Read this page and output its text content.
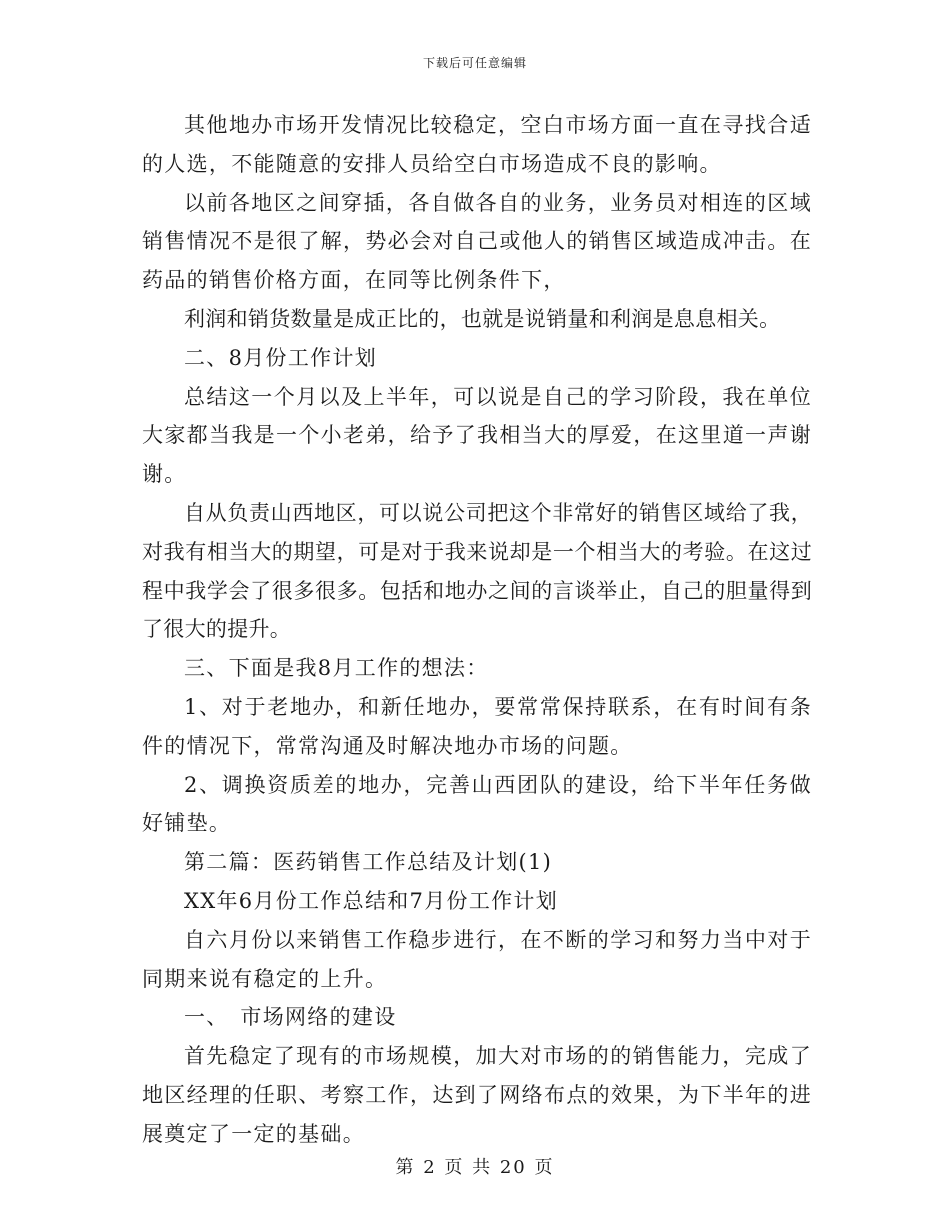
下载后可任意编辑

其他地办市场开发情况比较稳定，空白市场方面一直在寻找合适的人选，不能随意的安排人员给空白市场造成不良的影响。

以前各地区之间穿插，各自做各自的业务，业务员对相连的区域销售情况不是很了解，势必会对自己或他人的销售区域造成冲击。在药品的销售价格方面，在同等比例条件下，

利润和销货数量是成正比的，也就是说销量和利润是息息相关。

二、8月份工作计划

总结这一个月以及上半年，可以说是自己的学习阶段，我在单位大家都当我是一个小老弟，给予了我相当大的厚爱，在这里道一声谢谢。

自从负责山西地区，可以说公司把这个非常好的销售区域给了我，对我有相当大的期望，可是对于我来说却是一个相当大的考验。在这过程中我学会了很多很多。包括和地办之间的言谈举止，自己的胆量得到了很大的提升。

三、下面是我8月工作的想法：

1、对于老地办，和新任地办，要常常保持联系，在有时间有条件的情况下，常常沟通及时解决地办市场的问题。

2、调换资质差的地办，完善山西团队的建设，给下半年任务做好铺垫。

第二篇：医药销售工作总结及计划(1)

XX年6月份工作总结和7月份工作计划

自六月份以来销售工作稳步进行，在不断的学习和努力当中对于同期来说有稳定的上升。

一、　市场网络的建设

首先稳定了现有的市场规模，加大对市场的的销售能力，完成了地区经理的任职、考察工作，达到了网络布点的效果，为下半年的进展奠定了一定的基础。

第 2 页 共 20 页
